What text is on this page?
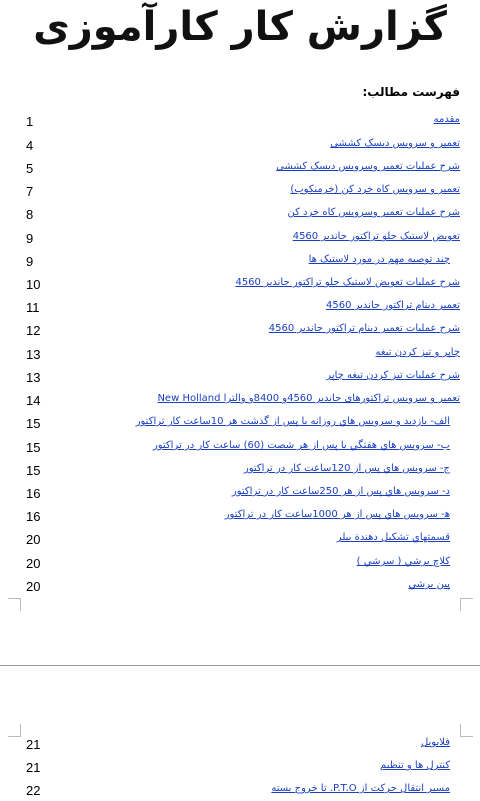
گزارش کار کارآموزی
فهرست مطالب:
مقدمه
1
تعمیر و سرویس دیسک کششی
4
شرح عملیات تعمیر وسرویس دیسک کششی
5
تعمیر و سرویس کاه خرد کن (خرمنکوب)
7
شرح عملیات تعمیر وسرویس کاه خرد کن
8
تعویض لاستیک جلو تراکتور جاندیر 4560
9
چند توصیه مهم در مورد لاستیک ها
9
شرح عملیات تعویض لاستیک جلو تراکتور جاندیر 4560
10
تعمیر دینام تراکتور جاندیر 4560
11
شرح عملیات تعمیر دینام تراکتور جاندیر 4560
12
چاپر و تیز کردن تیغه
13
شرح عملیات تیز کردن تیغه چاپر
13
تعمیر و سرویس تراکتورهای جاندیر 4560و 8400و والترا New Holland
14
الف- بازديد و سرويس هاي روزانه يا پس از گذشت هر 10ساعت كار تراكتور
15
ب- سرويس هاي هفتگي يا پس از هر شصت (60) ساعت كار در تراكتور
15
ج- سرويس هاي پس از 120ساعت كار در تراكتور
15
د- سرويس هاي پس از هر 250ساعت كار در تراكتور
16
ﻫ- سرويس هاي پس از هر 1000ساعت كار در تراكتور
16
قسمتهاي تشكيل دهندة بيلر
20
كلاچ برشي ( سرشي )
20
پين برشي
20
فلايويل
21
كنترل ها و تنظيم
21
مسير انتقال حركت از P.T.O. تا خروج بسته
22
